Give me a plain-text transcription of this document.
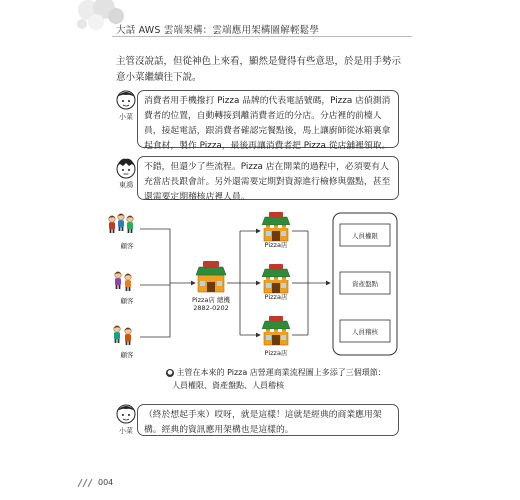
大話 AWS 雲端架構：雲端應用架構圖解輕鬆學
主管沒說話，但從神色上來看，顯然是覺得有些意思，於是用手勢示意小菜繼續往下說。
小菜
消費者用手機撥打 Pizza 品牌的代表電話號碼，Pizza 店偵測消費者的位置，自動轉接到離消費者近的分店。分店裡的前檯人員，接起電話，跟消費者確認完餐點後，馬上讓廚師從冰箱裏拿起食材，製作 Pizza，最後再讓消費者把 Pizza 從店舖裡領取。
東鴻
不錯，但還少了些流程。Pizza 店在開業的過程中，必須要有人充當店長跟會計。另外還需要定期對資源進行檢修與盤點，甚至還需要定期稽核店裡人員。
顧客
顧客
顧客
Pizza店 總機
2882-0202
Pizza店
Pizza店
Pizza店
人員權限
資產盤點
人員稽核
● 主管在本來的 Pizza 店營運商業流程圖上多添了三個環節：
人員權限、資產盤點、人員稽核
小菜
（終於想起手來）哎呀，就是這樣！這就是經典的商業應用架構。經典的資訊應用架構也是這樣的。
004
